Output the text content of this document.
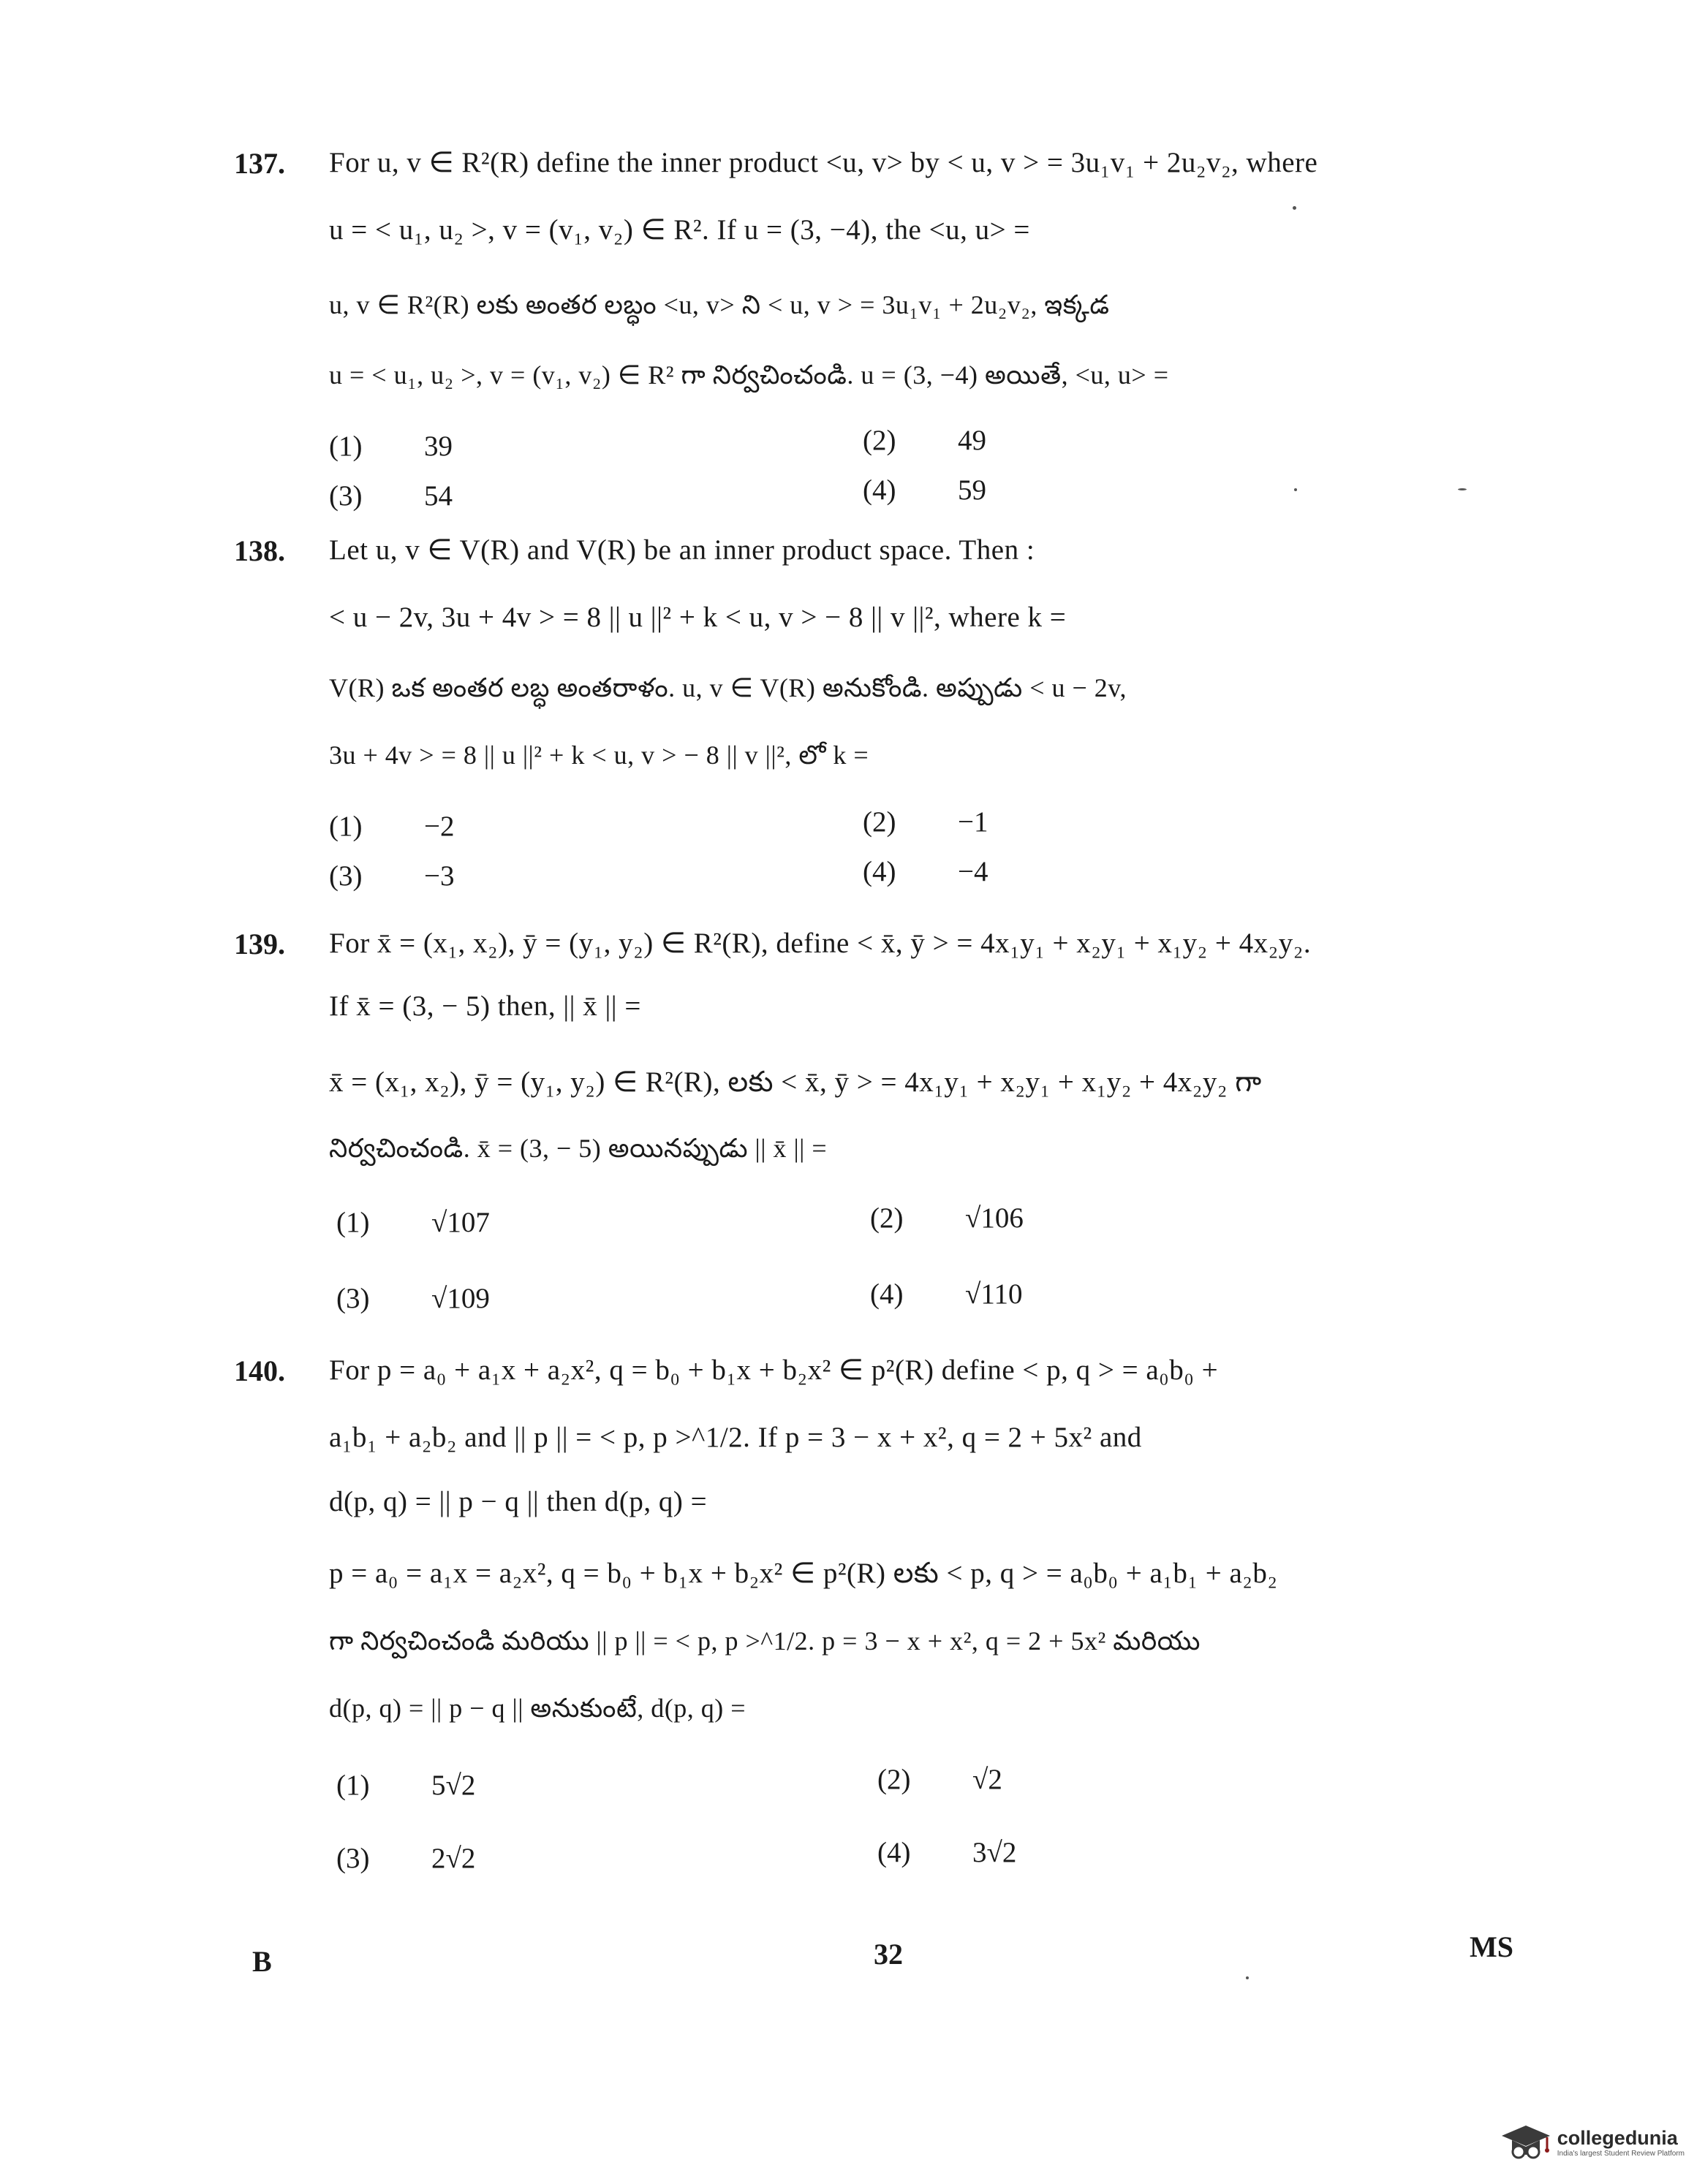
137. For u, v ∈ R²(R) define the inner product <u, v> by < u, v > = 3u₁v₁ + 2u₂v₂, where
u = < u₁, u₂ >, v = (v₁, v₂) ∈ R². If u = (3, −4), the <u, u> =
u, v ∈ R²(R) లకు అంతర లబ్ధం <u, v> ని < u, v > = 3u₁v₁ + 2u₂v₂, ఇక్కడ
u = < u₁, u₂ >, v = (v₁, v₂) ∈ R² గా నిర్వచించండి. u = (3, −4) అయితే, <u, u> =
(1) 39	(2) 49
(3) 54	(4) 59
138. Let u, v ∈ V(R) and V(R) be an inner product space. Then :
< u − 2v, 3u + 4v > = 8 || u ||² + k < u, v > − 8 || v ||², where k =
V(R) ఒక అంతర లబ్ధ అంతరాళం. u, v ∈ V(R) అనుకోండి. అప్పుడు < u − 2v,
3u + 4v > = 8 || u ||² + k < u, v > − 8 || v ||², లో k =
(1) −2	(2) −1
(3) −3	(4) −4
139. For x̄ = (x₁, x₂), ȳ = (y₁, y₂) ∈ R²(R), define < x̄, ȳ > = 4x₁y₁ + x₂y₁ + x₁y₂ + 4x₂y₂.
If x̄ = (3, − 5) then, || x̄ || =
x̄ = (x₁, x₂), ȳ = (y₁, y₂) ∈ R²(R), లకు < x̄, ȳ > = 4x₁y₁ + x₂y₁ + x₁y₂ + 4x₂y₂ గా
నిర్వచించండి. x̄ = (3, − 5) అయినప్పుడు || x̄ || =
(1) √107	(2) √106
(3) √109	(4) √110
140. For p = a₀ + a₁x + a₂x², q = b₀ + b₁x + b₂x² ∈ p²(R) define < p, q > = a₀b₀ +
a₁b₁ + a₂b₂ and || p || = < p, p >^1/2. If p = 3 − x + x², q = 2 + 5x² and
d(p, q) = || p − q || then d(p, q) =
p = a₀ = a₁x = a₂x², q = b₀ + b₁x + b₂x² ∈ p²(R) లకు < p, q > = a₀b₀ + a₁b₁ + a₂b₂
గా నిర్వచించండి మరియు || p || = < p, p >^1/2. p = 3 − x + x², q = 2 + 5x² మరియు
d(p, q) = || p − q || అనుకుంటే, d(p, q) =
(1) 5√2	(2) √2
(3) 2√2	(4) 3√2
B	32	MS
collegedunia
India's largest Student Review Platform
